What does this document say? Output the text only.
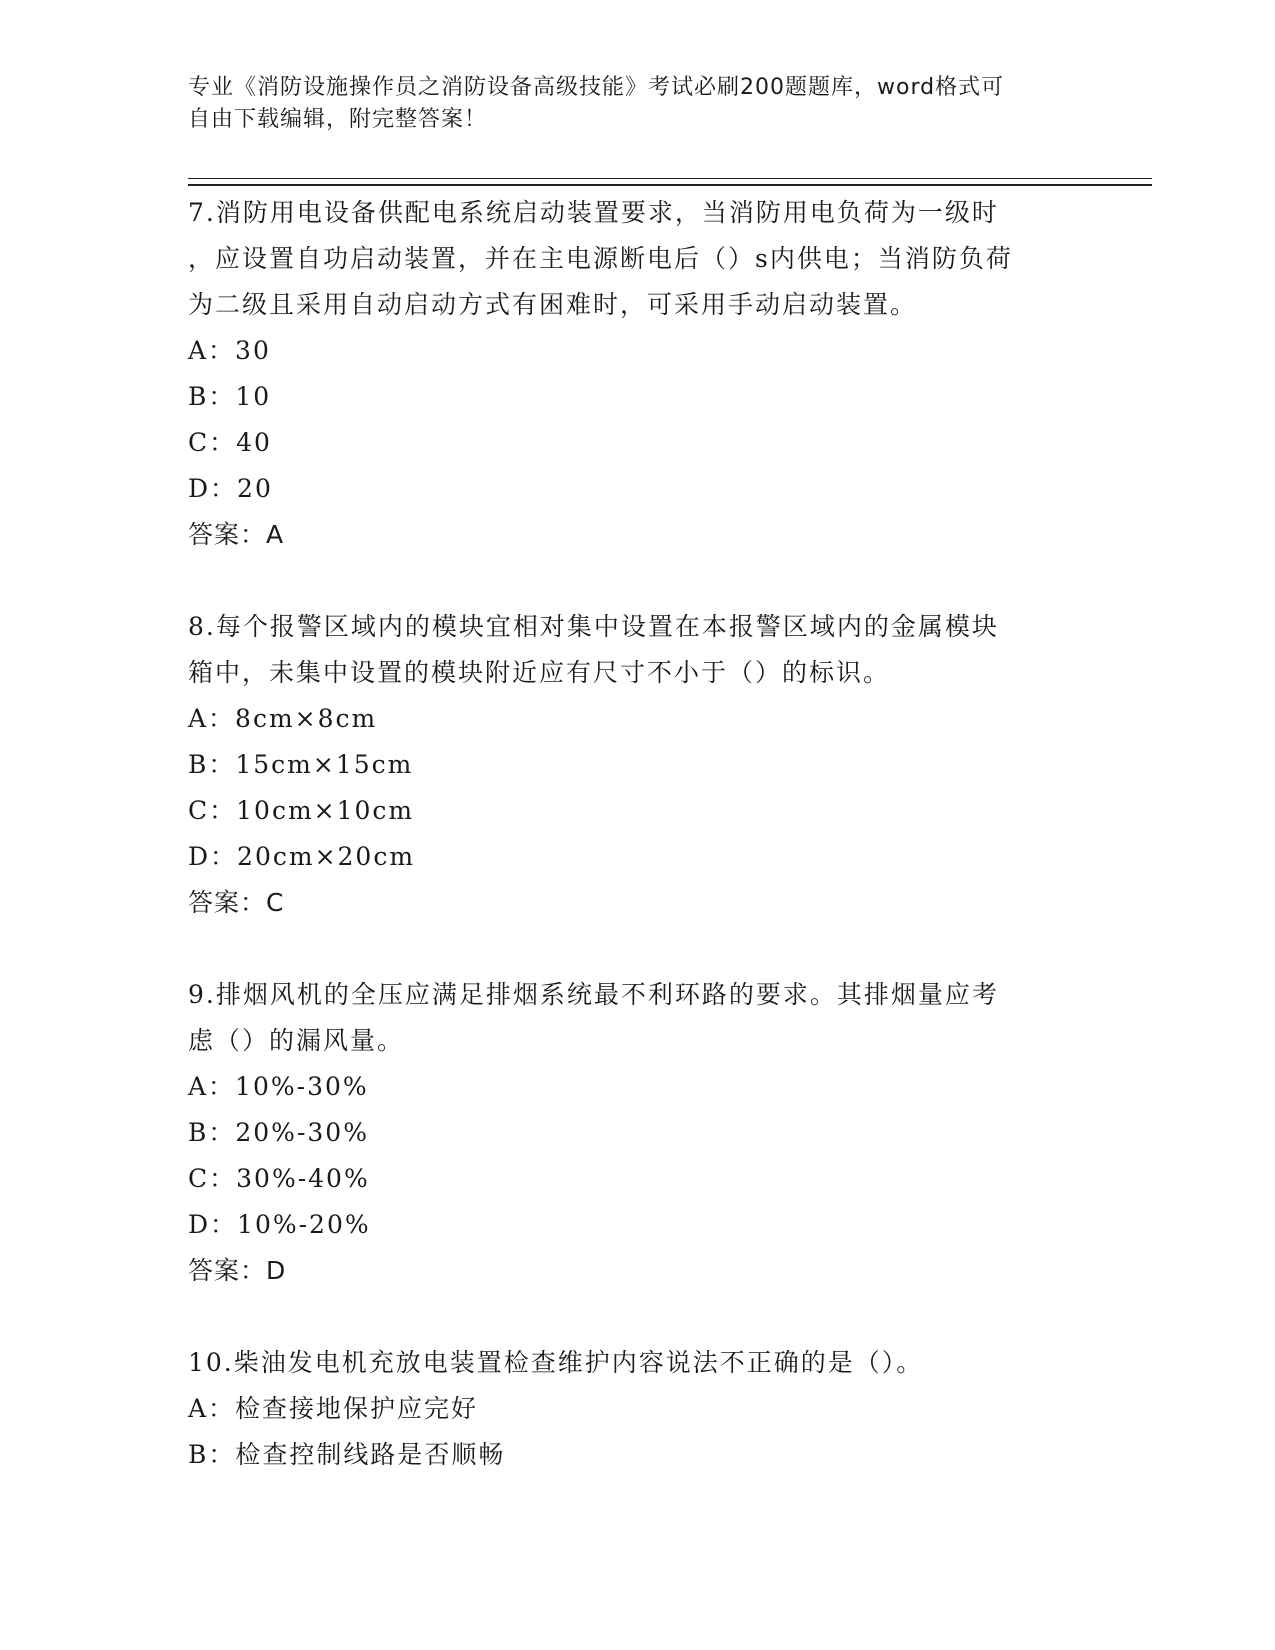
专业《消防设施操作员之消防设备高级技能》考试必刷200题题库，word格式可
自由下载编辑，附完整答案！

7.消防用电设备供配电系统启动装置要求，当消防用电负荷为一级时
，应设置自功启动装置，并在主电源断电后（）s内供电；当消防负荷
为二级且采用自动启动方式有困难时，可采用手动启动装置。

A：30

B：10

C：40

D：20

答案：A

8.每个报警区域内的模块宜相对集中设置在本报警区域内的金属模块
箱中，未集中设置的模块附近应有尺寸不小于（）的标识。

A：8cm×8cm

B：15cm×15cm

C：10cm×10cm

D：20cm×20cm

答案：C

9.排烟风机的全压应满足排烟系统最不利环路的要求。其排烟量应考
虑（）的漏风量。

A：10%-30%

B：20%-30%

C：30%-40%

D：10%-20%

答案：D

10.柴油发电机充放电装置检查维护内容说法不正确的是（）。

A：检查接地保护应完好

B：检查控制线路是否顺畅
